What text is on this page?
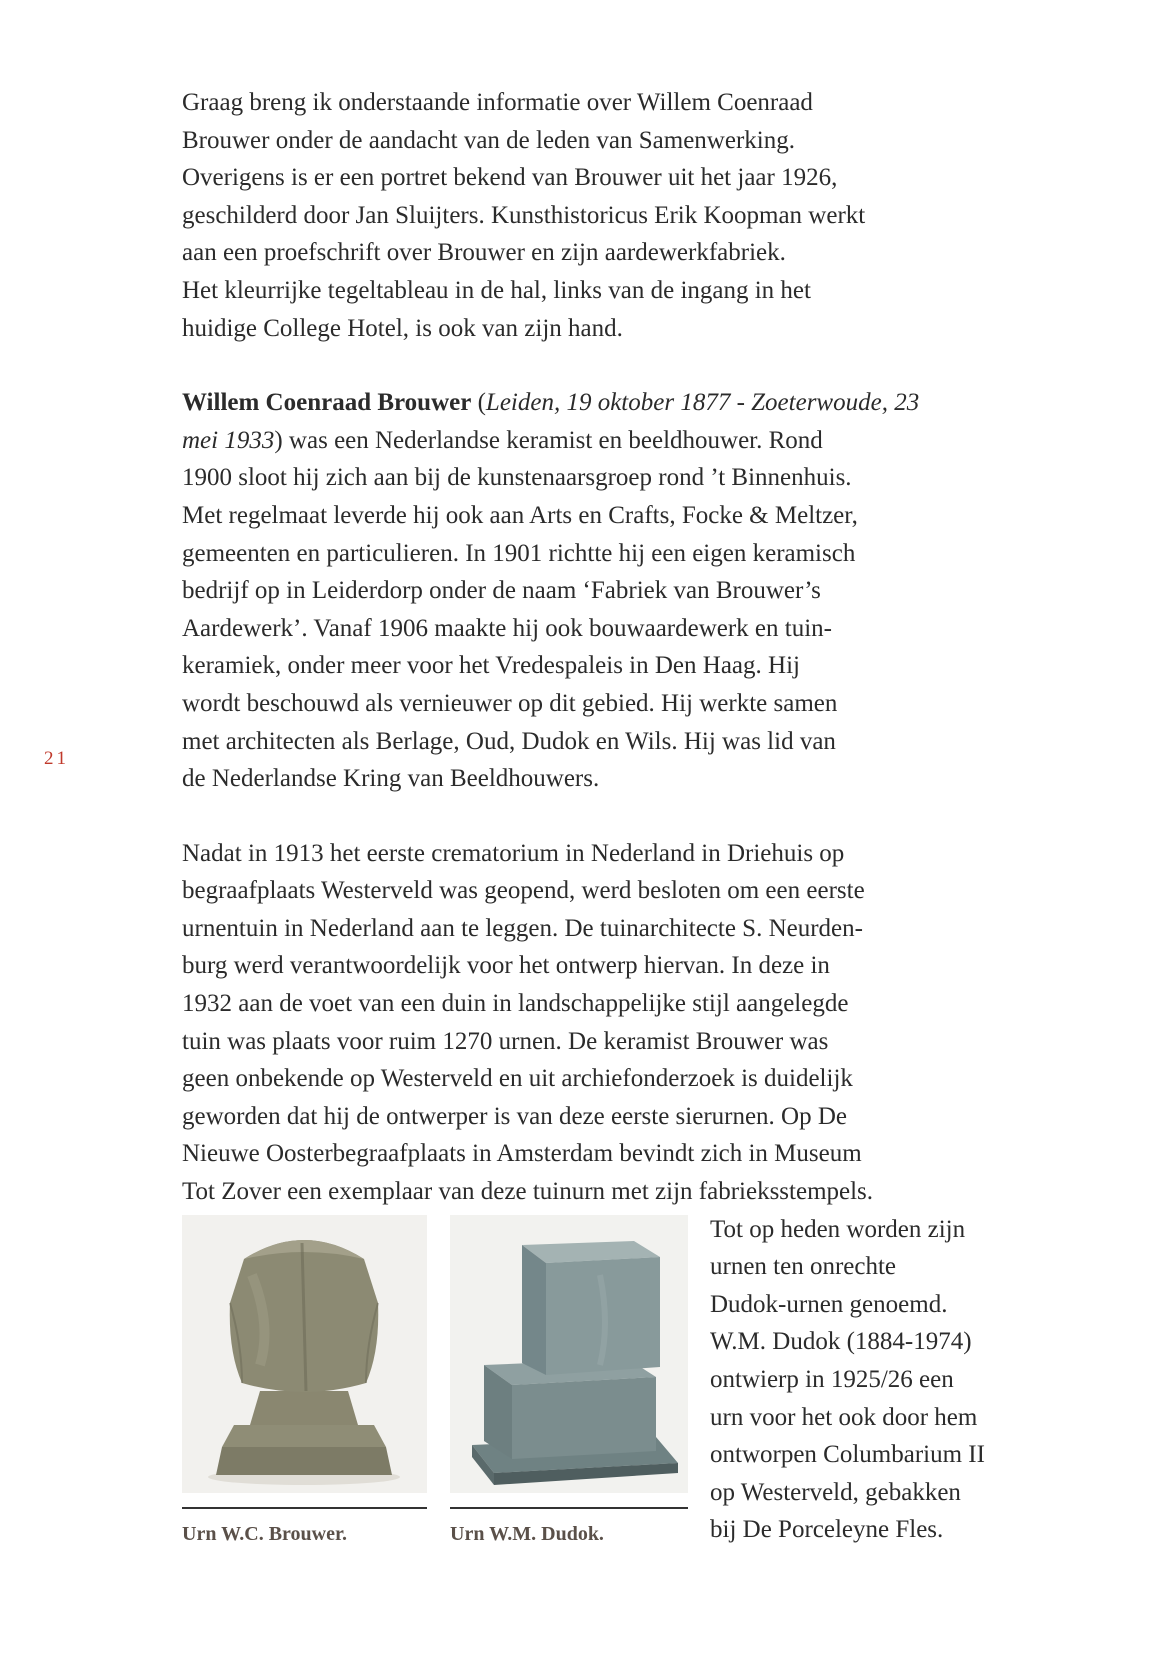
21

Graag breng ik onderstaande informatie over Willem Coenraad

Brouwer onder de aandacht van de leden van Samenwerking.

Overigens is er een portret bekend van Brouwer uit het jaar 1926,

geschilderd door Jan Sluijters. Kunsthistoricus Erik Koopman werkt

aan een proefschrift over Brouwer en zijn aardewerkfabriek.

Het kleurrijke tegeltableau in de hal, links van de ingang in het

huidige College Hotel, is ook van zijn hand.

Willem Coenraad Brouwer (Leiden, 19 oktober 1877 - Zoeterwoude, 23

mei 1933) was een Nederlandse keramist en beeldhouwer. Rond

1900 sloot hij zich aan bij de kunstenaarsgroep rond ’t Binnenhuis.

Met regelmaat leverde hij ook aan Arts en Crafts, Focke & Meltzer,

gemeenten en particulieren. In 1901 richtte hij een eigen keramisch

bedrijf op in Leiderdorp onder de naam ‘Fabriek van Brouwer’s

Aardewerk’. Vanaf 1906 maakte hij ook bouwaardewerk en tuin-

keramiek, onder meer voor het Vredespaleis in Den Haag. Hij

wordt beschouwd als vernieuwer op dit gebied. Hij werkte samen

met architecten als Berlage, Oud, Dudok en Wils. Hij was lid van

de Nederlandse Kring van Beeldhouwers.

Nadat in 1913 het eerste crematorium in Nederland in Driehuis op

begraafplaats Westerveld was geopend, werd besloten om een eerste

urnentuin in Nederland aan te leggen. De tuinarchitecte S. Neurden-

burg werd verantwoordelijk voor het ontwerp hiervan. In deze in

1932 aan de voet van een duin in landschappelijke stijl aangelegde

tuin was plaats voor ruim 1270 urnen. De keramist Brouwer was

geen onbekende op Westerveld en uit archiefonderzoek is duidelijk

geworden dat hij de ontwerper is van deze eerste sierurnen. Op De

Nieuwe Oosterbegraafplaats in Amsterdam bevindt zich in Museum

Tot Zover een exemplaar van deze tuinurn met zijn fabrieksstempels.

Urn W.C. Brouwer.	Urn W.M. Dudok.

Tot op heden worden zijn

urnen ten onrechte

Dudok-urnen genoemd.

W.M. Dudok (1884-1974)

ontwierp in 1925/26 een

urn voor het ook door hem

ontworpen Columbarium II

op Westerveld, gebakken

bij De Porceleyne Fles.
